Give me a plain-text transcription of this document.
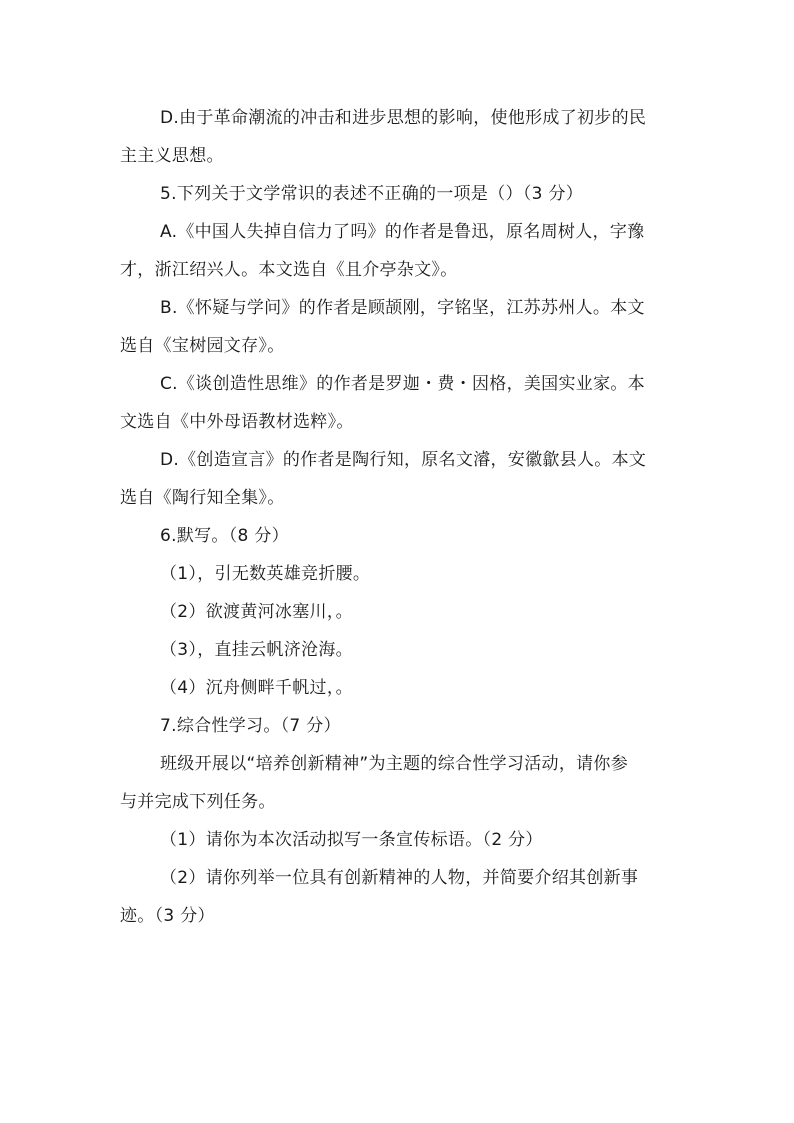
D.由于革命潮流的冲击和进步思想的影响，使他形成了初步的民
主主义思想。
5.下列关于文学常识的表述不正确的一项是（）（3 分）
A.《中国人失掉自信力了吗》的作者是鲁迅，原名周树人，字豫
才，浙江绍兴人。本文选自《且介亭杂文》。
B.《怀疑与学问》的作者是顾颉刚，字铭坚，江苏苏州人。本文
选自《宝树园文存》。
C.《谈创造性思维》的作者是罗迦・费・因格，美国实业家。本
文选自《中外母语教材选粹》。
D.《创造宣言》的作者是陶行知，原名文濬，安徽歙县人。本文
选自《陶行知全集》。
6.默写。（8 分）
（1），引无数英雄竞折腰。
（2）欲渡黄河冰塞川，。
（3），直挂云帆济沧海。
（4）沉舟侧畔千帆过，。
7.综合性学习。（7 分）
班级开展以“培养创新精神”为主题的综合性学习活动，请你参
与并完成下列任务。
（1）请你为本次活动拟写一条宣传标语。（2 分）
（2）请你列举一位具有创新精神的人物，并简要介绍其创新事
迹。（3 分）
